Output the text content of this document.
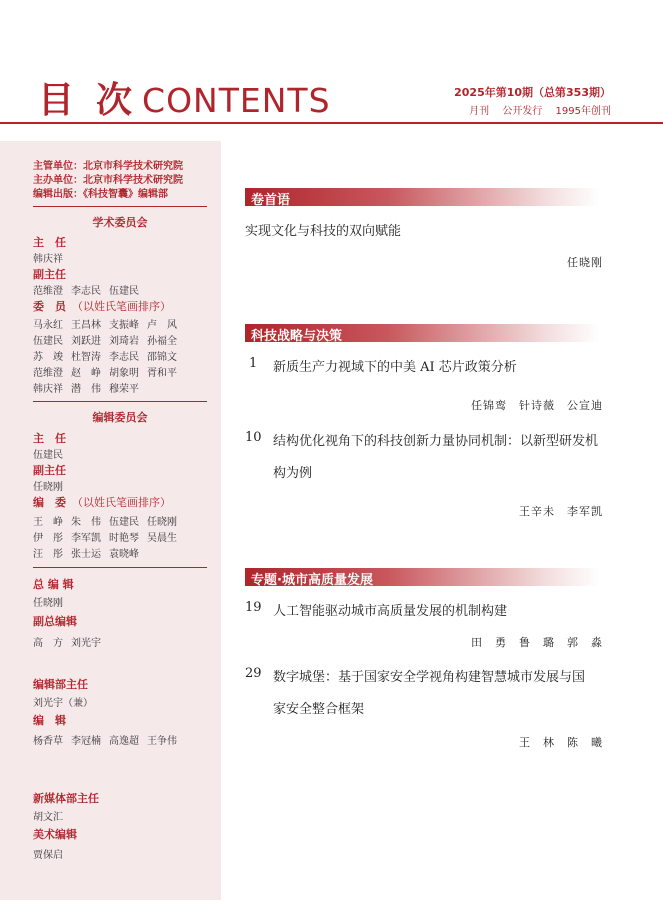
目 次 CONTENTS	2025年第10期（总第353期）
月刊 公开发行 1995年创刊
主管单位：北京市科学技术研究院
主办单位：北京市科学技术研究院
编辑出版：《科技智囊》编辑部
学术委员会
主　任
韩庆祥
副主任
范维澄 李志民 伍建民
委　员 （以姓氏笔画排序）
马永红 王昌林 支振峰 卢　风
伍建民 刘跃进 刘琦岩 孙福全
苏　竣 杜智涛 李志民 邵锦文
范维澄 赵　峥 胡象明 胥和平
韩庆祥 潜　伟 穆荣平
编辑委员会
主　任
伍建民
副主任
任晓刚
编　委 （以姓氏笔画排序）
王　峥 朱　伟 伍建民 任晓刚
伊　彤 李军凯 时艳琴 吴晨生
汪　彤 张士运 袁晓峰
总 编 辑
任晓刚
副总编辑
高　方 刘光宇
编辑部主任
刘光宇（兼）
编　辑
杨香草 李冠楠 高逸超 王争伟
新媒体部主任
胡文汇
美术编辑
贾保启
卷首语
实现文化与科技的双向赋能
任晓刚
科技战略与决策
1 新质生产力视域下的中美 AI 芯片政策分析
任锦鸾　针诗薇　公宣迪
10 结构优化视角下的科技创新力量协同机制：以新型研发机
构为例
王辛未　李军凯
专题·城市高质量发展
19 人工智能驱动城市高质量发展的机制构建
田　勇　鲁　璐　郭　淼
29 数字城堡：基于国家安全学视角构建智慧城市发展与国
家安全整合框架
王　林　陈　曦
